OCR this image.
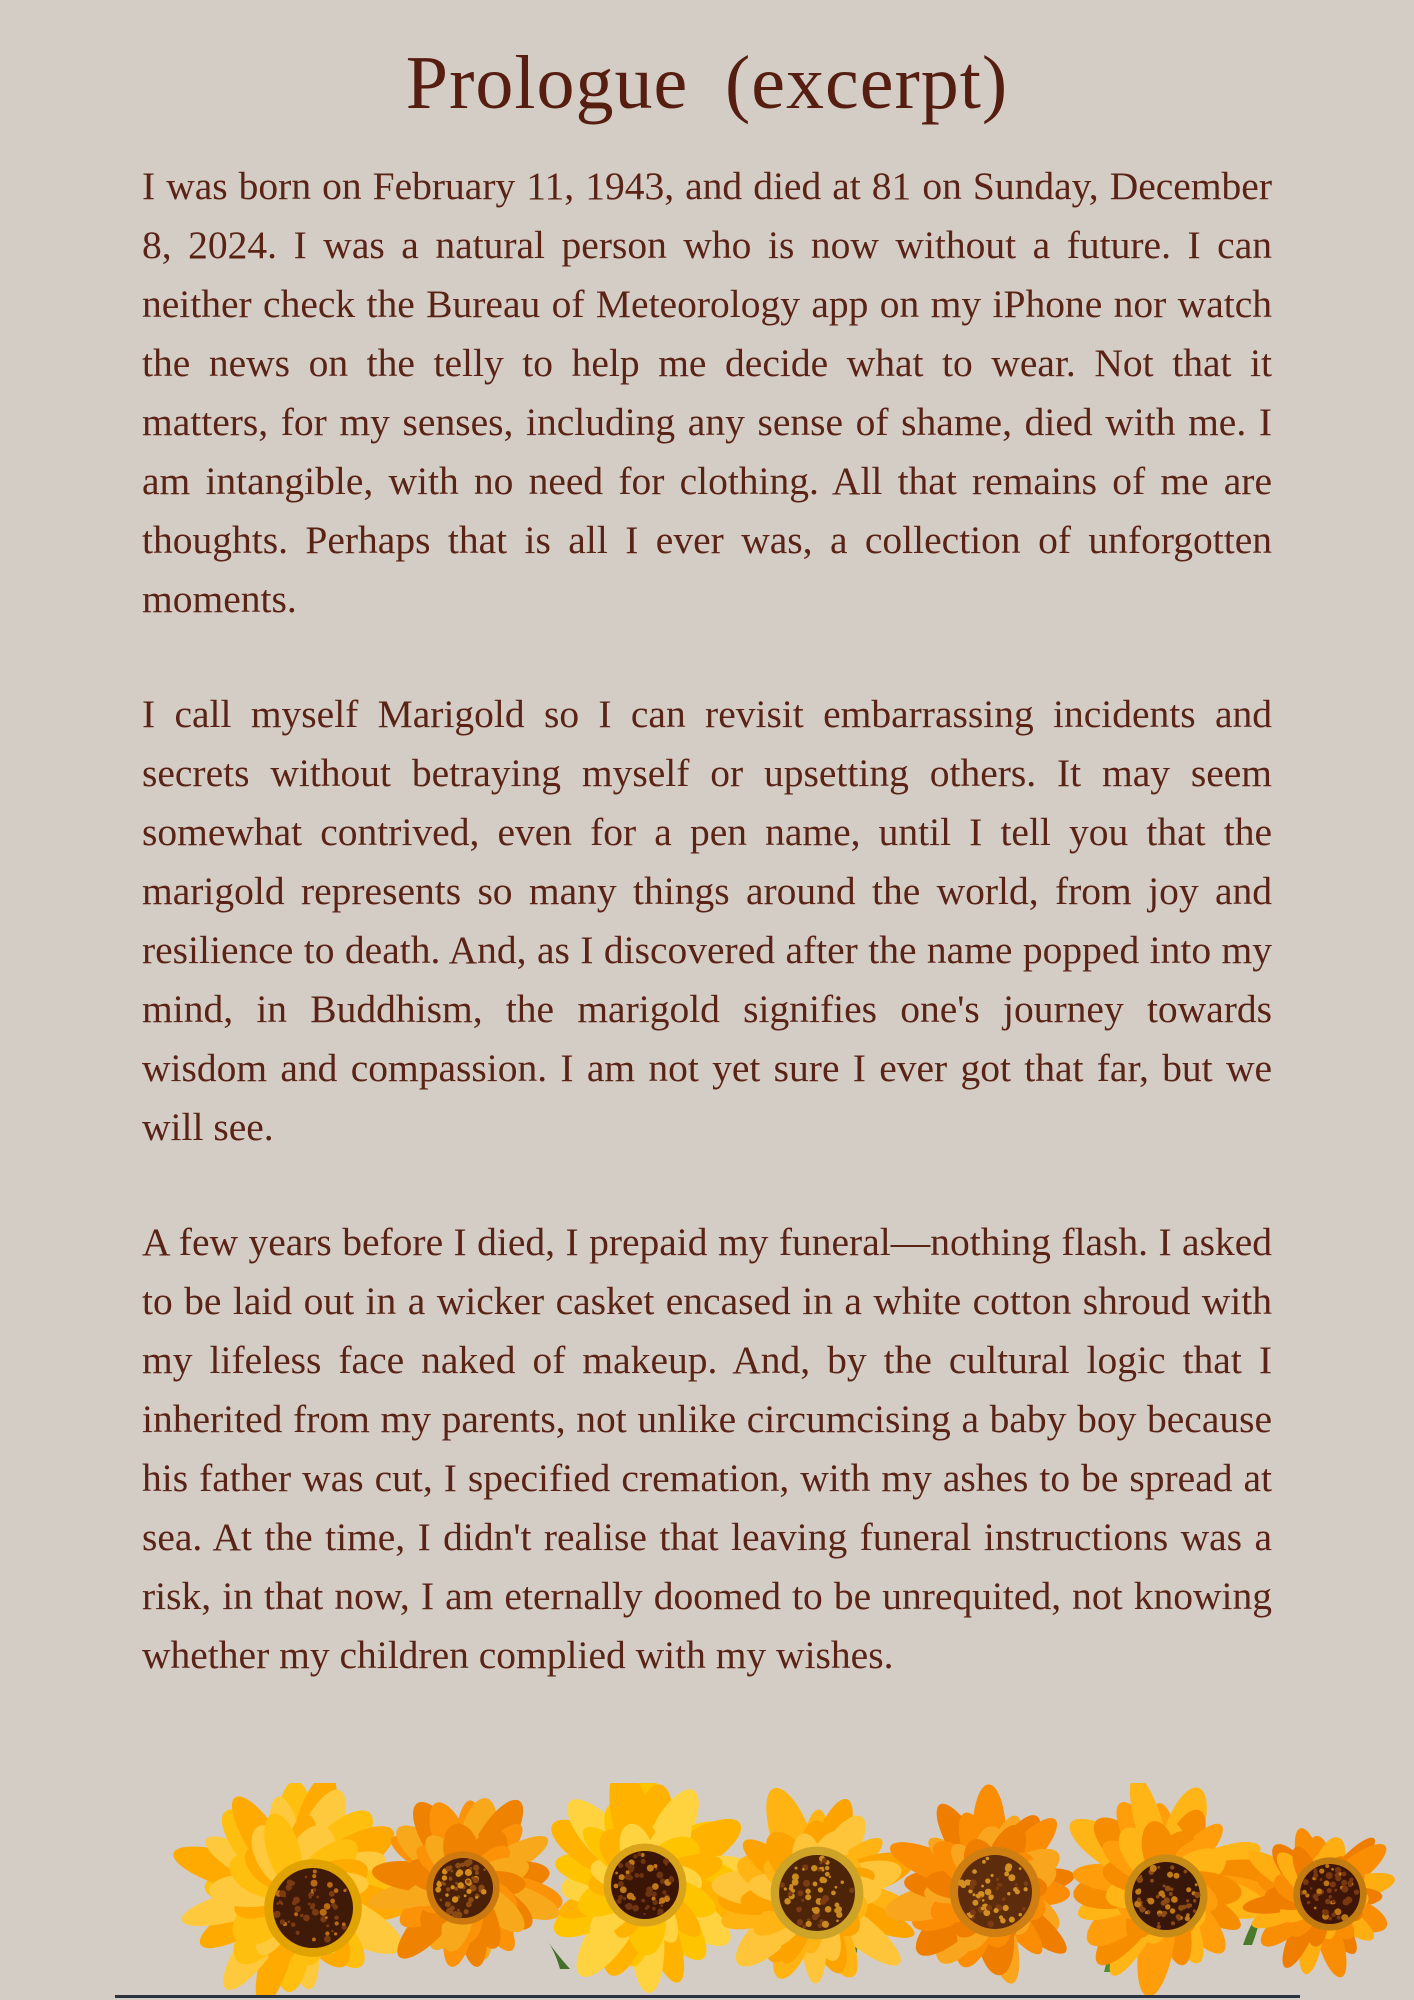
Prologue (excerpt)

I was born on February 11, 1943, and died at 81 on Sunday, December 8, 2024. I was a natural person who is now without a future. I can neither check the Bureau of Meteorology app on my iPhone nor watch the news on the telly to help me decide what to wear. Not that it matters, for my senses, including any sense of shame, died with me. I am intangible, with no need for clothing. All that remains of me are thoughts. Perhaps that is all I ever was, a collection of unforgotten moments.

I call myself Marigold so I can revisit embarrassing incidents and secrets without betraying myself or upsetting others. It may seem somewhat contrived, even for a pen name, until I tell you that the marigold represents so many things around the world, from joy and resilience to death. And, as I discovered after the name popped into my mind, in Buddhism, the marigold signifies one's journey towards wisdom and compassion. I am not yet sure I ever got that far, but we will see.

A few years before I died, I prepaid my funeral—nothing flash. I asked to be laid out in a wicker casket encased in a white cotton shroud with my lifeless face naked of makeup. And, by the cultural logic that I inherited from my parents, not unlike circumcising a baby boy because his father was cut, I specified cremation, with my ashes to be spread at sea. At the time, I didn't realise that leaving funeral instructions was a risk, in that now, I am eternally doomed to be unrequited, not knowing whether my children complied with my wishes.
